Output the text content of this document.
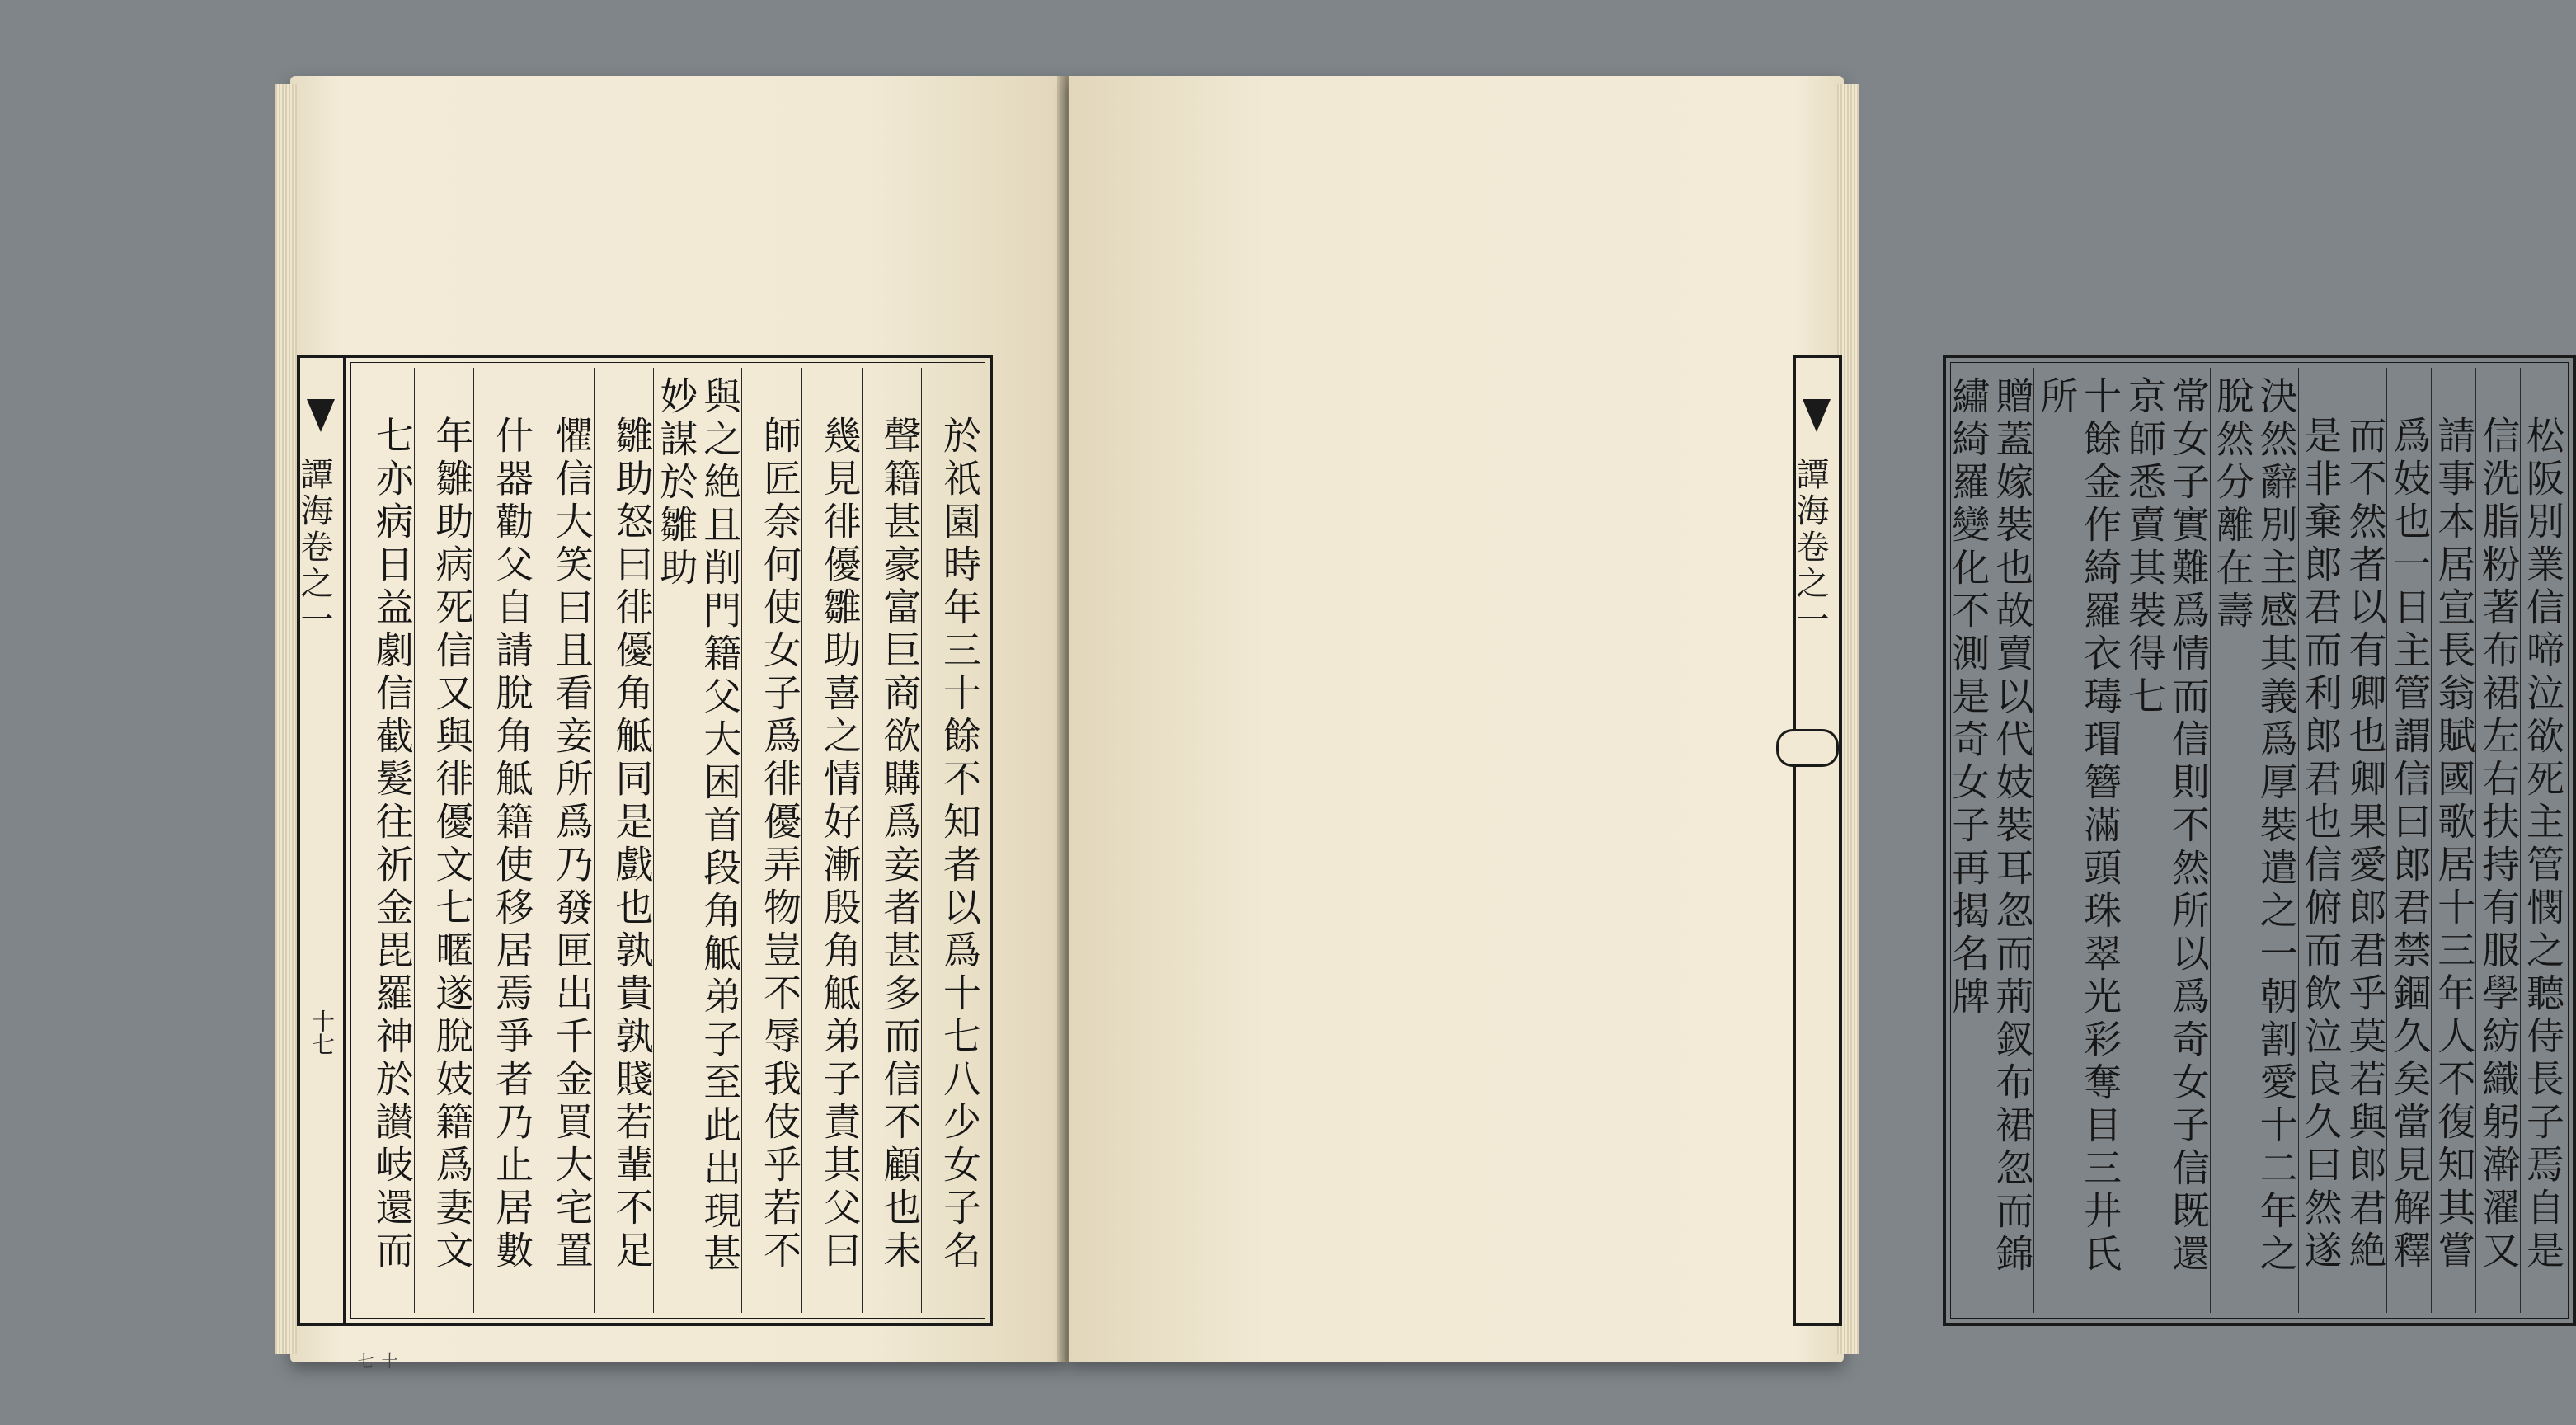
譚海卷之一
十七	於祇園時年三十餘不知者以爲十七八少女子名
聲籍甚豪富巨商欲購爲妾者甚多而信不顧也未
幾見徘優雛助喜之情好漸殷角觝弟子責其父曰
師匠奈何使女子爲徘優弄物豈不辱我伎乎若不
與之絶且削門籍父大困首段角觝弟子至此出現甚妙謀於雛助
雛助怒曰徘優角觝同是戲也孰貴孰賤若輩不足
懼信大笑曰且看妾所爲乃發匣出千金買大宅置
什器勸父自請脫角觝籍使移居焉爭者乃止居數
年雛助病死信又與徘優文七暱遂脫妓籍爲妻文
七亦病日益劇信截髮往祈金毘羅神於讃岐還而
十七
松阪別業信啼泣欲死主管憫之聽侍長子焉自是
信洗脂粉著布裙左右扶持有服學紡織躬澣濯又
請事本居宣長翁賦國歌居十三年人不復知其嘗
爲妓也一日主管謂信曰郎君禁錮久矣當見解釋
而不然者以有卿也卿果愛郎君乎莫若與郎君絶
是非棄郎君而利郎君也信俯而飲泣良久曰然遂
決然辭別主感其義爲厚裝遣之一朝割愛十二年之脫然分離在壽
常女子實難爲情而信則不然所以爲奇女子信既還京師悉賣其裝得七
十餘金作綺羅衣瑇瑁簪滿頭珠翠光彩奪目三井氏所
贈蓋嫁裝也故賣以代妓裝耳忽而荊釵布裙忽而錦繡綺羅變化不測是奇女子再揭名牌
譚海卷之一
